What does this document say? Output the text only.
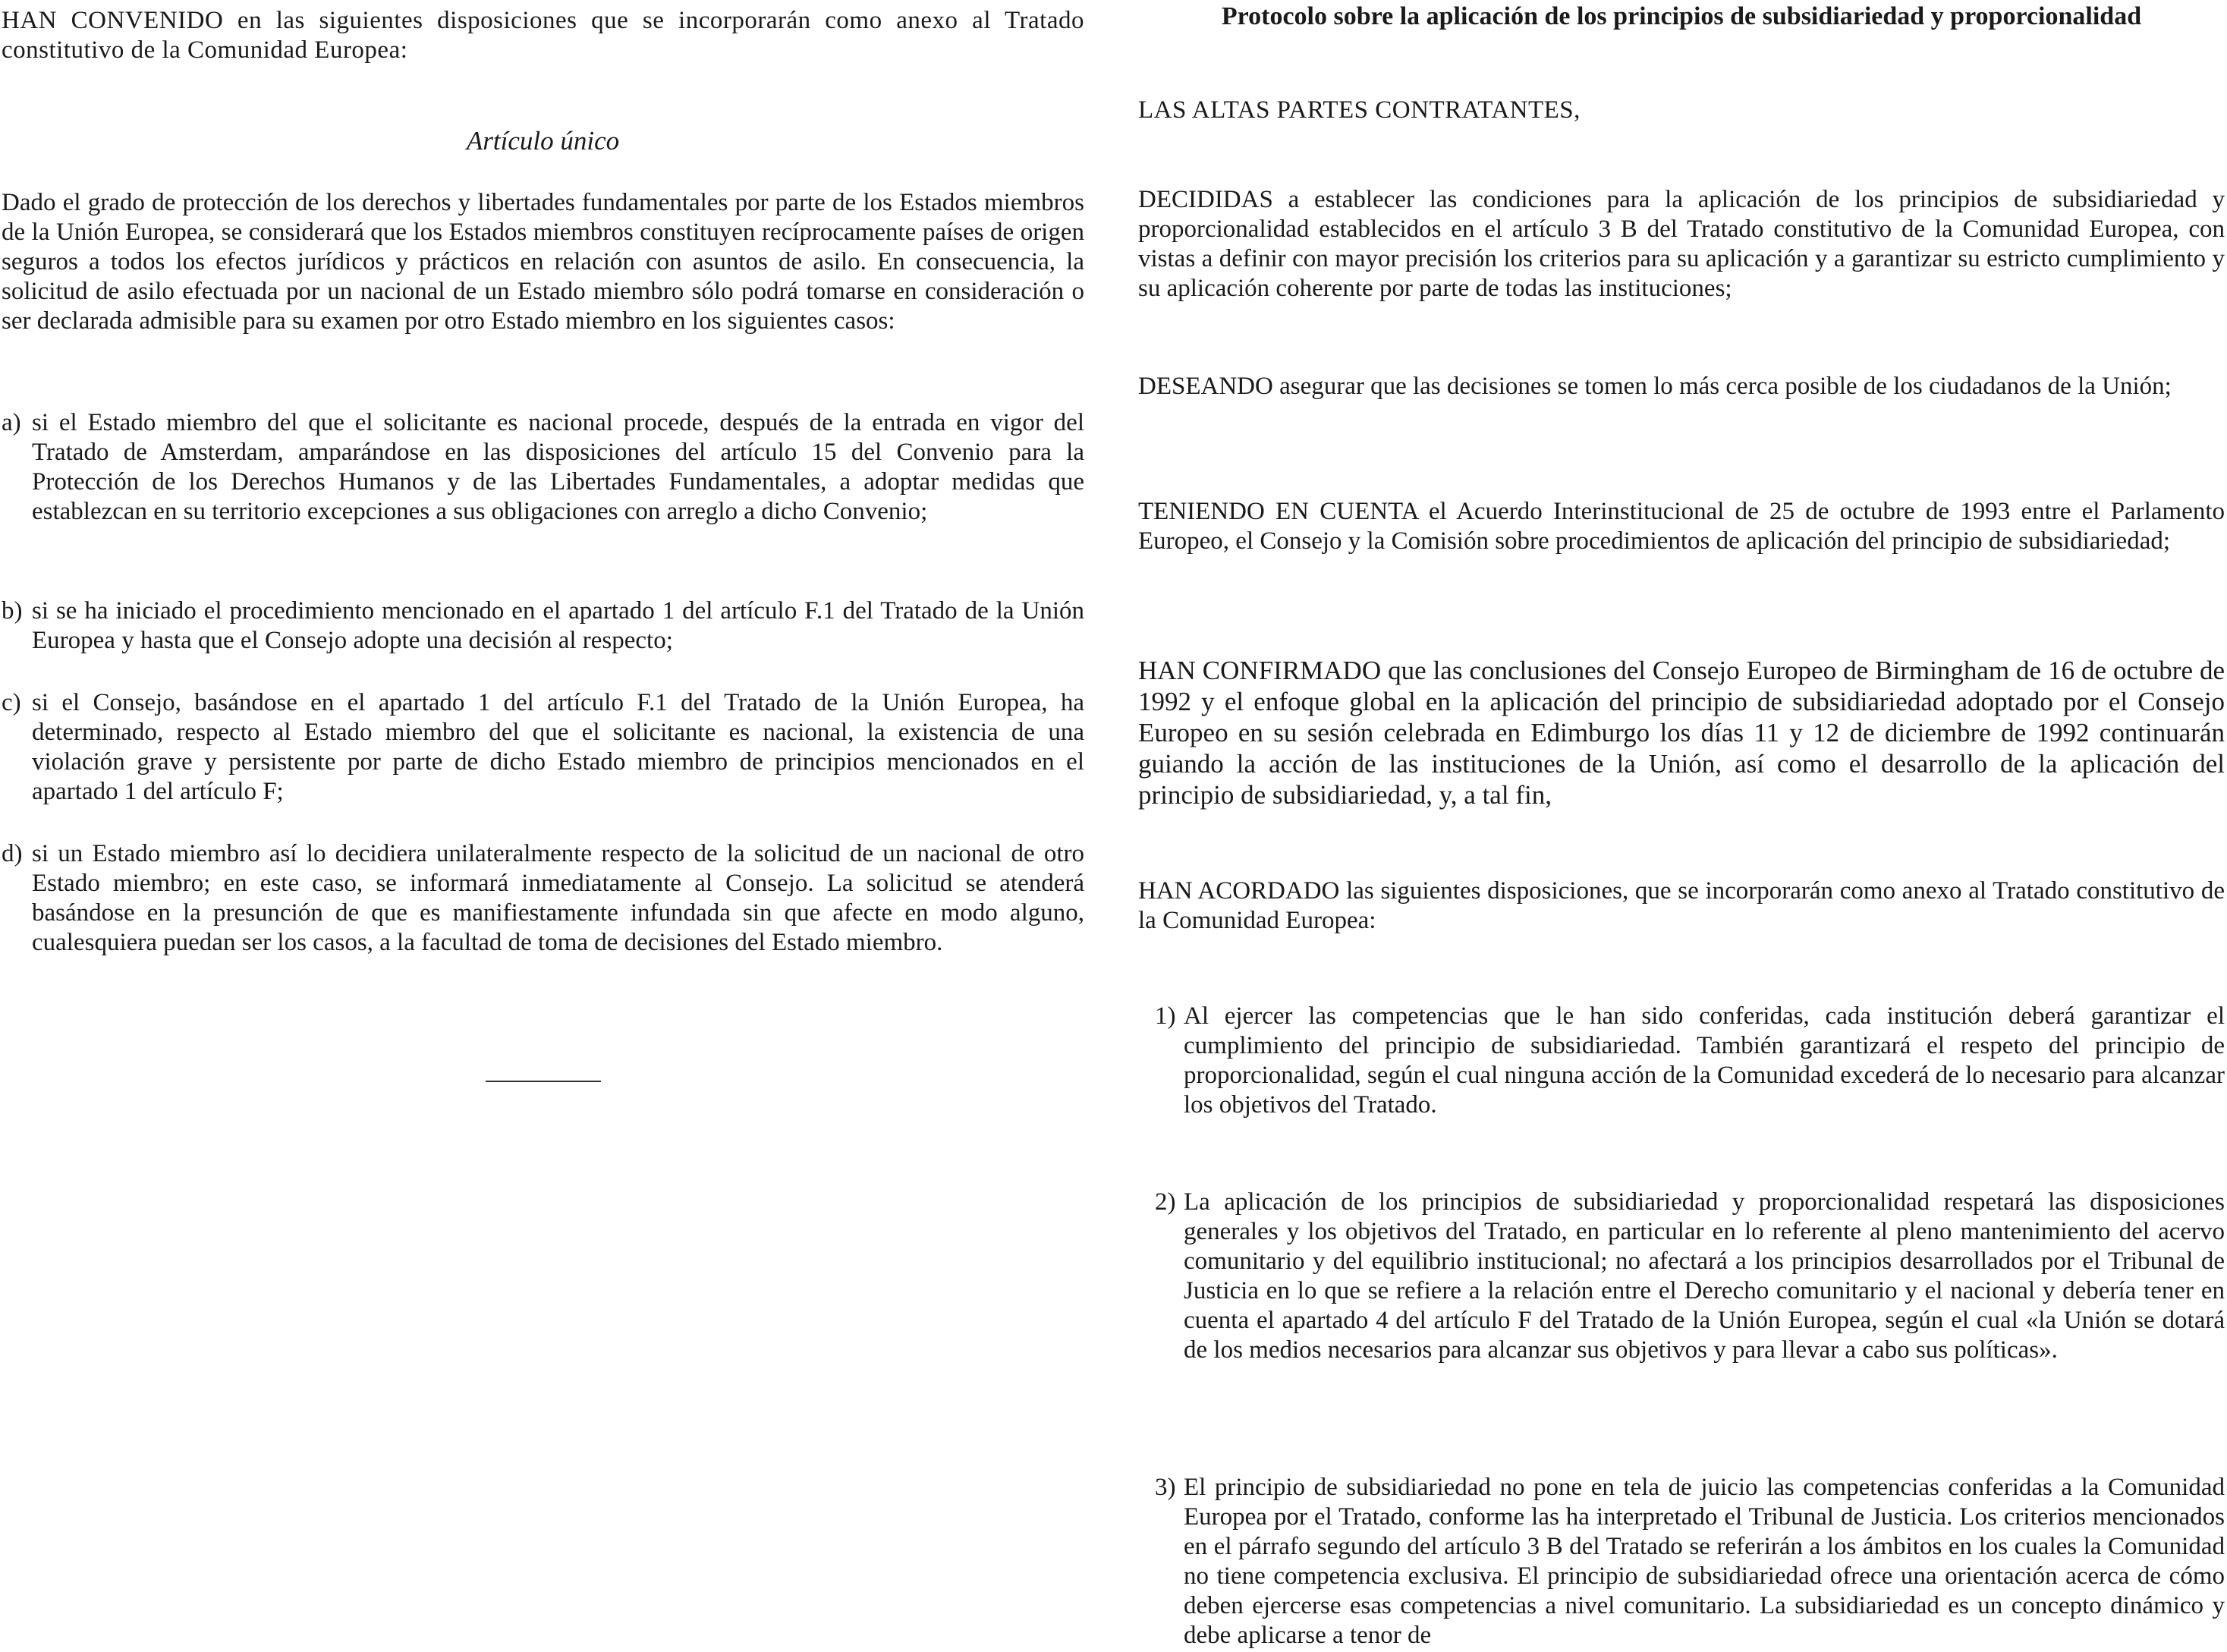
HAN CONVENIDO en las siguientes disposiciones que se incorporarán como anexo al Tratado constitutivo de la Comunidad Europea:

Artículo único

Dado el grado de protección de los derechos y libertades fundamentales por parte de los Estados miembros de la Unión Europea, se considerará que los Estados miembros constituyen recíprocamente países de origen seguros a todos los efectos jurídicos y prácticos en relación con asuntos de asilo. En consecuencia, la solicitud de asilo efectuada por un nacional de un Estado miembro sólo podrá tomarse en consideración o ser declarada admisible para su examen por otro Estado miembro en los siguientes casos:

a) si el Estado miembro del que el solicitante es nacional procede, después de la entrada en vigor del Tratado de Amsterdam, amparándose en las disposiciones del artículo 15 del Convenio para la Protección de los Derechos Humanos y de las Libertades Fundamentales, a adoptar medidas que establezcan en su territorio excepciones a sus obligaciones con arreglo a dicho Convenio;
b) si se ha iniciado el procedimiento mencionado en el apartado 1 del artículo F.1 del Tratado de la Unión Europea y hasta que el Consejo adopte una decisión al respecto;
c) si el Consejo, basándose en el apartado 1 del artículo F.1 del Tratado de la Unión Europea, ha determinado, respecto al Estado miembro del que el solicitante es nacional, la existencia de una violación grave y persistente por parte de dicho Estado miembro de principios mencionados en el apartado 1 del artículo F;
d) si un Estado miembro así lo decidiera unilateralmente respecto de la solicitud de un nacional de otro Estado miembro; en este caso, se informará inmediatamente al Consejo. La solicitud se atenderá basándose en la presunción de que es manifiestamente infundada sin que afecte en modo alguno, cualesquiera puedan ser los casos, a la facultad de toma de decisiones del Estado miembro.

Protocolo sobre la aplicación de los principios de subsidiariedad y proporcionalidad

LAS ALTAS PARTES CONTRATANTES,

DECIDIDAS a establecer las condiciones para la aplicación de los principios de subsidiariedad y proporcionalidad establecidos en el artículo 3 B del Tratado constitutivo de la Comunidad Europea, con vistas a definir con mayor precisión los criterios para su aplicación y a garantizar su estricto cumplimiento y su aplicación coherente por parte de todas las instituciones;

DESEANDO asegurar que las decisiones se tomen lo más cerca posible de los ciudadanos de la Unión;

TENIENDO EN CUENTA el Acuerdo Interinstitucional de 25 de octubre de 1993 entre el Parlamento Europeo, el Consejo y la Comisión sobre procedimientos de aplicación del principio de subsidiariedad;

HAN CONFIRMADO que las conclusiones del Consejo Europeo de Birmingham de 16 de octubre de 1992 y el enfoque global en la aplicación del principio de subsidiariedad adoptado por el Consejo Europeo en su sesión celebrada en Edimburgo los días 11 y 12 de diciembre de 1992 continuarán guiando la acción de las instituciones de la Unión, así como el desarrollo de la aplicación del principio de subsidiariedad, y, a tal fin,

HAN ACORDADO las siguientes disposiciones, que se incorporarán como anexo al Tratado constitutivo de la Comunidad Europea:

1) Al ejercer las competencias que le han sido conferidas, cada institución deberá garantizar el cumplimiento del principio de subsidiariedad. También garantizará el respeto del principio de proporcionalidad, según el cual ninguna acción de la Comunidad excederá de lo necesario para alcanzar los objetivos del Tratado.
2) La aplicación de los principios de subsidiariedad y proporcionalidad respetará las disposiciones generales y los objetivos del Tratado, en particular en lo referente al pleno mantenimiento del acervo comunitario y del equilibrio institucional; no afectará a los principios desarrollados por el Tribunal de Justicia en lo que se refiere a la relación entre el Derecho comunitario y el nacional y debería tener en cuenta el apartado 4 del artículo F del Tratado de la Unión Europea, según el cual «la Unión se dotará de los medios necesarios para alcanzar sus objetivos y para llevar a cabo sus políticas».
3) El principio de subsidiariedad no pone en tela de juicio las competencias conferidas a la Comunidad Europea por el Tratado, conforme las ha interpretado el Tribunal de Justicia. Los criterios mencionados en el párrafo segundo del artículo 3 B del Tratado se referirán a los ámbitos en los cuales la Comunidad no tiene competencia exclusiva. El principio de subsidiariedad ofrece una orientación acerca de cómo deben ejercerse esas competencias a nivel comunitario. La subsidiariedad es un concepto dinámico y debe aplicarse a tenor de
